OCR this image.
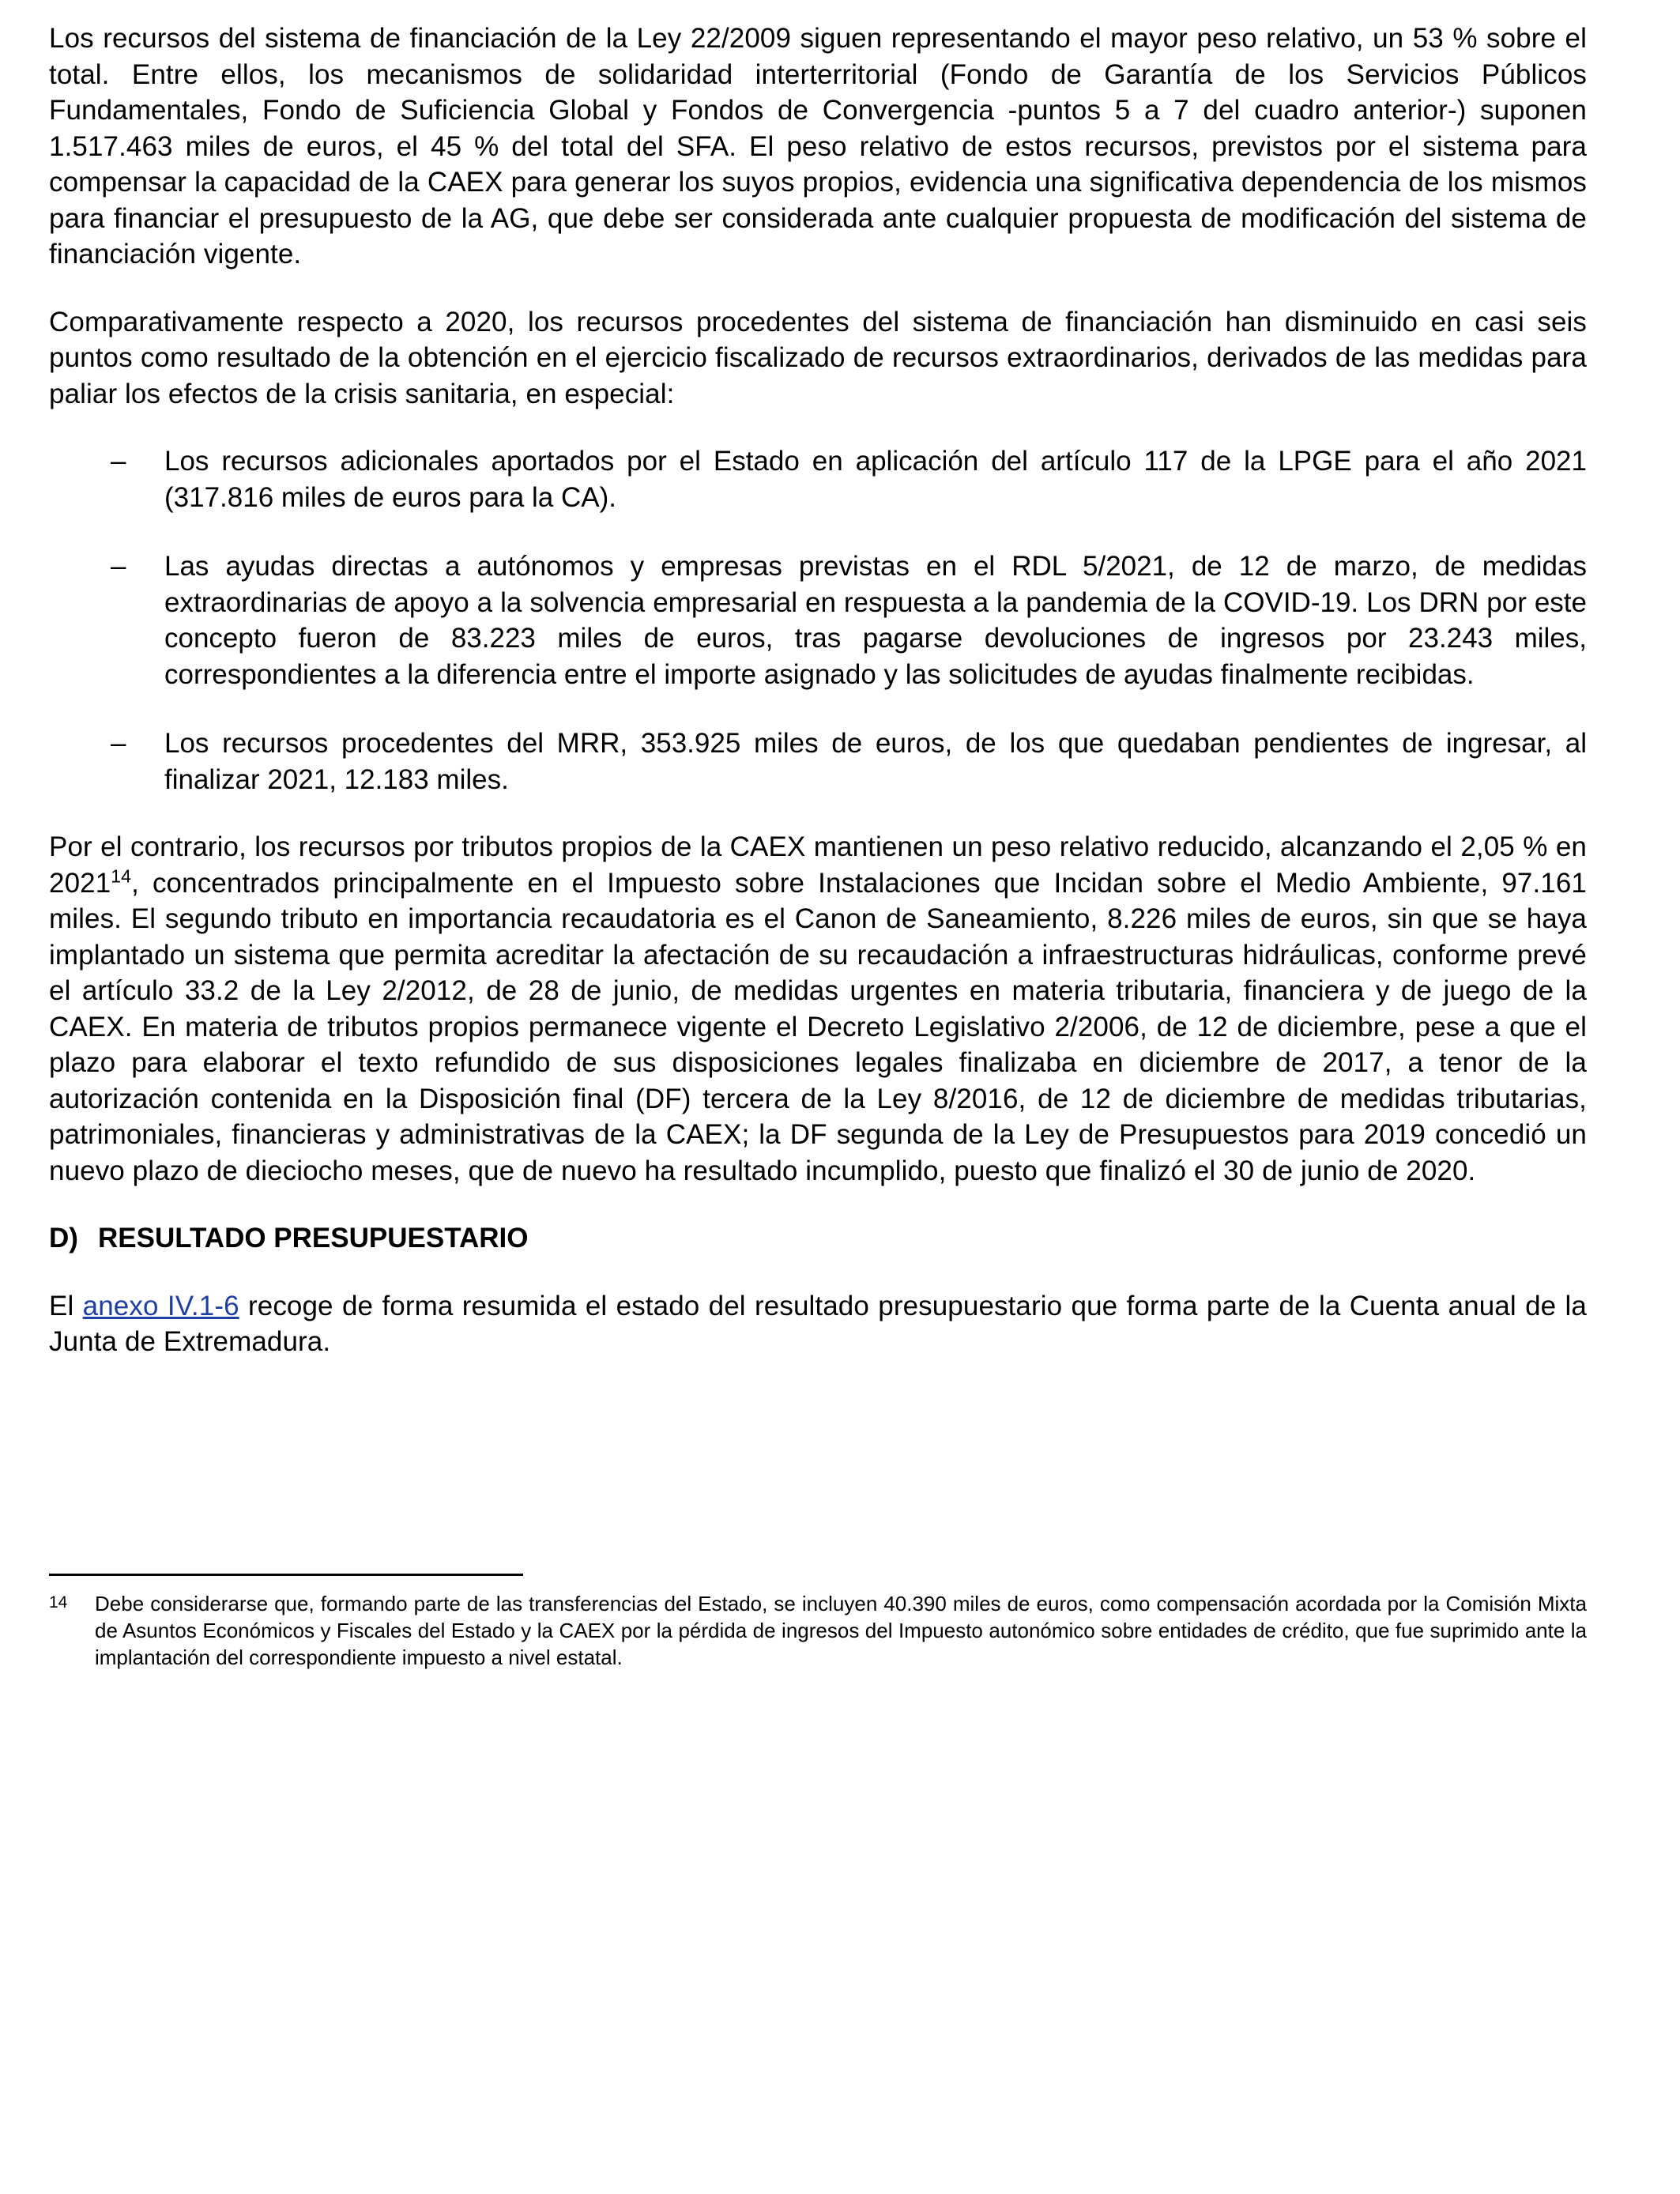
Los recursos del sistema de financiación de la Ley 22/2009 siguen representando el mayor peso relativo, un 53 % sobre el total. Entre ellos, los mecanismos de solidaridad interterritorial (Fondo de Garantía de los Servicios Públicos Fundamentales, Fondo de Suficiencia Global y Fondos de Convergencia -puntos 5 a 7 del cuadro anterior-) suponen 1.517.463 miles de euros, el 45 % del total del SFA. El peso relativo de estos recursos, previstos por el sistema para compensar la capacidad de la CAEX para generar los suyos propios, evidencia una significativa dependencia de los mismos para financiar el presupuesto de la AG, que debe ser considerada ante cualquier propuesta de modificación del sistema de financiación vigente.

Comparativamente respecto a 2020, los recursos procedentes del sistema de financiación han disminuido en casi seis puntos como resultado de la obtención en el ejercicio fiscalizado de recursos extraordinarios, derivados de las medidas para paliar los efectos de la crisis sanitaria, en especial:

–	Los recursos adicionales aportados por el Estado en aplicación del artículo 117 de la LPGE para el año 2021 (317.816 miles de euros para la CA).
–	Las ayudas directas a autónomos y empresas previstas en el RDL 5/2021, de 12 de marzo, de medidas extraordinarias de apoyo a la solvencia empresarial en respuesta a la pandemia de la COVID-19. Los DRN por este concepto fueron de 83.223 miles de euros, tras pagarse devoluciones de ingresos por 23.243 miles, correspondientes a la diferencia entre el importe asignado y las solicitudes de ayudas finalmente recibidas.
–	Los recursos procedentes del MRR, 353.925 miles de euros, de los que quedaban pendientes de ingresar, al finalizar 2021, 12.183 miles.

Por el contrario, los recursos por tributos propios de la CAEX mantienen un peso relativo reducido, alcanzando el 2,05 % en 2021$^{14}$, concentrados principalmente en el Impuesto sobre Instalaciones que Incidan sobre el Medio Ambiente, 97.161 miles. El segundo tributo en importancia recaudatoria es el Canon de Saneamiento, 8.226 miles de euros, sin que se haya implantado un sistema que permita acreditar la afectación de su recaudación a infraestructuras hidráulicas, conforme prevé el artículo 33.2 de la Ley 2/2012, de 28 de junio, de medidas urgentes en materia tributaria, financiera y de juego de la CAEX. En materia de tributos propios permanece vigente el Decreto Legislativo 2/2006, de 12 de diciembre, pese a que el plazo para elaborar el texto refundido de sus disposiciones legales finalizaba en diciembre de 2017, a tenor de la autorización contenida en la Disposición final (DF) tercera de la Ley 8/2016, de 12 de diciembre de medidas tributarias, patrimoniales, financieras y administrativas de la CAEX; la DF segunda de la Ley de Presupuestos para 2019 concedió un nuevo plazo de dieciocho meses, que de nuevo ha resultado incumplido, puesto que finalizó el 30 de junio de 2020.

D) RESULTADO PRESUPUESTARIO

El anexo IV.1-6 recoge de forma resumida el estado del resultado presupuestario que forma parte de la Cuenta anual de la Junta de Extremadura.

14	Debe considerarse que, formando parte de las transferencias del Estado, se incluyen 40.390 miles de euros, como compensación acordada por la Comisión Mixta de Asuntos Económicos y Fiscales del Estado y la CAEX por la pérdida de ingresos del Impuesto autonómico sobre entidades de crédito, que fue suprimido ante la implantación del correspondiente impuesto a nivel estatal.
